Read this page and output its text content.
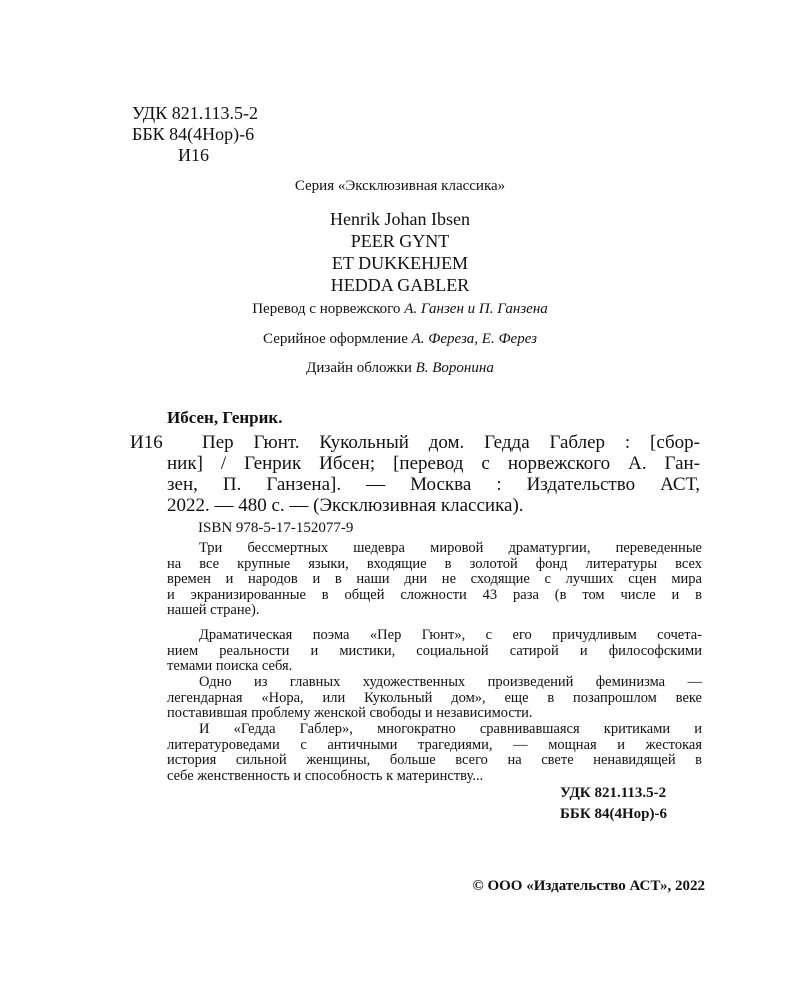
УДК 821.113.5-2
ББК 84(4Нор)-6
И16
Серия «Эксклюзивная классика»
Henrik Johan Ibsen
PEER GYNT
ET DUKKEHJEM
HEDDA GABLER
Перевод с норвежского А. Ганзен и П. Ганзена
Серийное оформление А. Фереза, Е. Ферез
Дизайн обложки В. Воронина
Ибсен, Генрик.
И16 Пер Гюнт. Кукольный дом. Гедда Габлер : [сбор-
ник] / Генрик Ибсен; [перевод с норвежского А. Ган-
зен, П. Ганзена]. — Москва : Издательство АСТ,
2022. — 480 с. — (Эксклюзивная классика).
ISBN 978-5-17-152077-9
Три бессмертных шедевра мировой драматургии, переведенные
на все крупные языки, входящие в золотой фонд литературы всех
времен и народов и в наши дни не сходящие с лучших сцен мира
и экранизированные в общей сложности 43 раза (в том числе и в
нашей стране).
Драматическая поэма «Пер Гюнт», с его причудливым сочета-
нием реальности и мистики, социальной сатирой и философскими
темами поиска себя.
Одно из главных художественных произведений феминизма —
легендарная «Нора, или Кукольный дом», еще в позапрошлом веке
поставившая проблему женской свободы и независимости.
И «Гедда Габлер», многократно сравнивавшаяся критиками и
литературоведами с античными трагедиями, — мощная и жестокая
история сильной женщины, больше всего на свете ненавидящей в
себе женственность и способность к материнству...
УДК 821.113.5-2
ББК 84(4Нор)-6
© ООО «Издательство АСТ», 2022
